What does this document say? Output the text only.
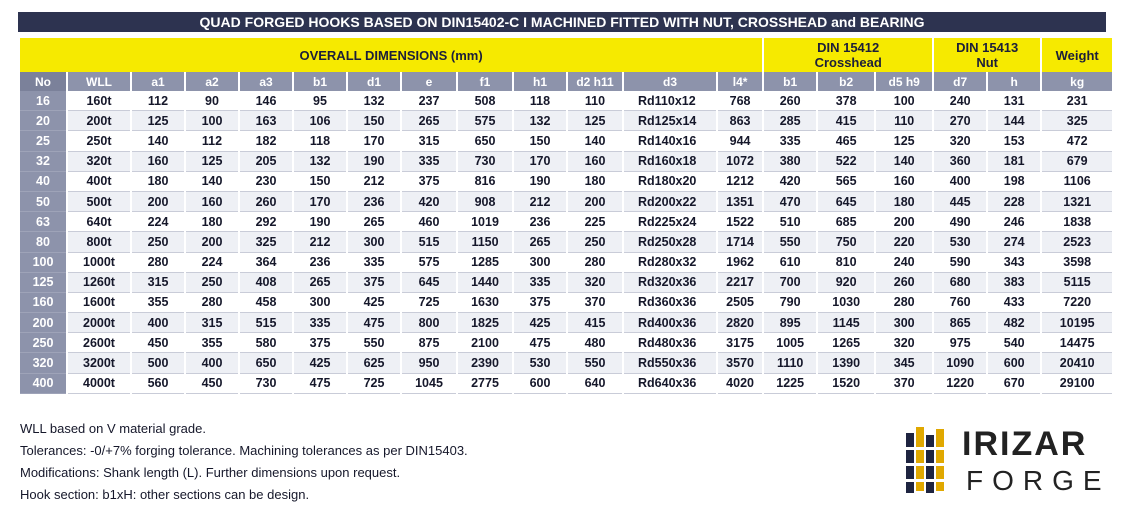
QUAD FORGED HOOKS BASED ON DIN15402-C I MACHINED FITTED WITH NUT, CROSSHEAD and BEARING
OVERALL DIMENSIONS (mm)													DIN 15412
Crosshead			DIN 15413
Nut		Weight
No	WLL	a1	a2	a3	b1	d1	e	f1	h1	d2 h11	d3	l4*	b1	b2	d5 h9	d7	h	kg
16	160t	112	90	146	95	132	237	508	118	110	Rd110x12	768	260	378	100	240	131	231
20	200t	125	100	163	106	150	265	575	132	125	Rd125x14	863	285	415	110	270	144	325
25	250t	140	112	182	118	170	315	650	150	140	Rd140x16	944	335	465	125	320	153	472
32	320t	160	125	205	132	190	335	730	170	160	Rd160x18	1072	380	522	140	360	181	679
40	400t	180	140	230	150	212	375	816	190	180	Rd180x20	1212	420	565	160	400	198	1106
50	500t	200	160	260	170	236	420	908	212	200	Rd200x22	1351	470	645	180	445	228	1321
63	640t	224	180	292	190	265	460	1019	236	225	Rd225x24	1522	510	685	200	490	246	1838
80	800t	250	200	325	212	300	515	1150	265	250	Rd250x28	1714	550	750	220	530	274	2523
100	1000t	280	224	364	236	335	575	1285	300	280	Rd280x32	1962	610	810	240	590	343	3598
125	1260t	315	250	408	265	375	645	1440	335	320	Rd320x36	2217	700	920	260	680	383	5115
160	1600t	355	280	458	300	425	725	1630	375	370	Rd360x36	2505	790	1030	280	760	433	7220
200	2000t	400	315	515	335	475	800	1825	425	415	Rd400x36	2820	895	1145	300	865	482	10195
250	2600t	450	355	580	375	550	875	2100	475	480	Rd480x36	3175	1005	1265	320	975	540	14475
320	3200t	500	400	650	425	625	950	2390	530	550	Rd550x36	3570	1110	1390	345	1090	600	20410
400	4000t	560	450	730	475	725	1045	2775	600	640	Rd640x36	4020	1225	1520	370	1220	670	29100
WLL based on V material grade.
Tolerances: -0/+7% forging tolerance. Machining tolerances as per DIN15403.
Modifications: Shank length (L). Further dimensions upon request.
Hook section: b1xH: other sections can be design.
IRIZAR
FORGE
